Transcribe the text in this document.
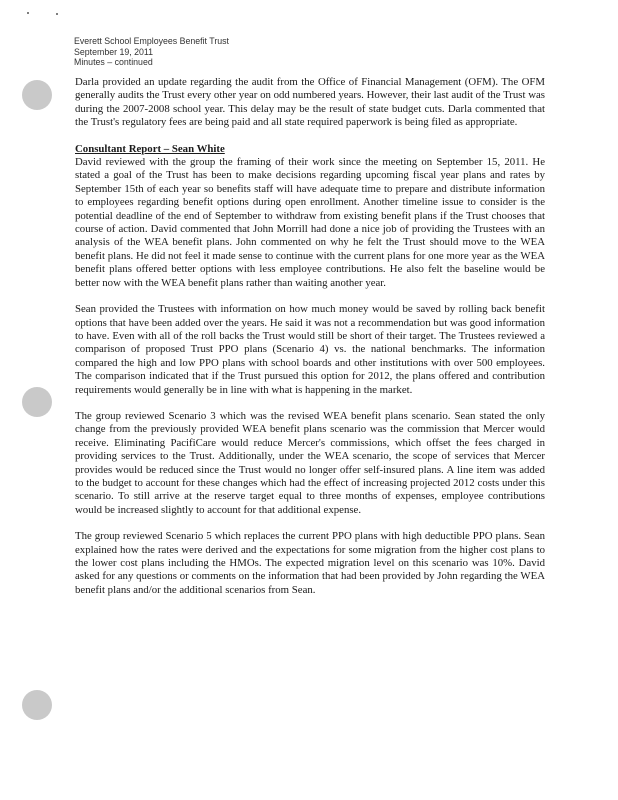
Everett School Employees Benefit Trust
September 19, 2011
Minutes – continued

Darla provided an update regarding the audit from the Office of Financial Management (OFM). The OFM generally audits the Trust every other year on odd numbered years. However, their last audit of the Trust was during the 2007-2008 school year. This delay may be the result of state budget cuts. Darla commented that the Trust's regulatory fees are being paid and all state required paperwork is being filed as appropriate.

Consultant Report – Sean White

David reviewed with the group the framing of their work since the meeting on September 15, 2011. He stated a goal of the Trust has been to make decisions regarding upcoming fiscal year plans and rates by September 15th of each year so benefits staff will have adequate time to prepare and distribute information to employees regarding benefit options during open enrollment. Another timeline issue to consider is the potential deadline of the end of September to withdraw from existing benefit plans if the Trust chooses that course of action. David commented that John Morrill had done a nice job of providing the Trustees with an analysis of the WEA benefit plans. John commented on why he felt the Trust should move to the WEA benefit plans. He did not feel it made sense to continue with the current plans for one more year as the WEA benefit plans offered better options with less employee contributions. He also felt the baseline would be better now with the WEA benefit plans rather than waiting another year.

Sean provided the Trustees with information on how much money would be saved by rolling back benefit options that have been added over the years. He said it was not a recommendation but was good information to have. Even with all of the roll backs the Trust would still be short of their target. The Trustees reviewed a comparison of proposed Trust PPO plans (Scenario 4) vs. the national benchmarks. The information compared the high and low PPO plans with school boards and other institutions with over 500 employees. The comparison indicated that if the Trust pursued this option for 2012, the plans offered and contribution requirements would generally be in line with what is happening in the market.

The group reviewed Scenario 3 which was the revised WEA benefit plans scenario. Sean stated the only change from the previously provided WEA benefit plans scenario was the commission that Mercer would receive. Eliminating PacifiCare would reduce Mercer's commissions, which offset the fees charged in providing services to the Trust. Additionally, under the WEA scenario, the scope of services that Mercer provides would be reduced since the Trust would no longer offer self-insured plans. A line item was added to the budget to account for these changes which had the effect of increasing projected 2012 costs under this scenario. To still arrive at the reserve target equal to three months of expenses, employee contributions would be increased slightly to account for that additional expense.

The group reviewed Scenario 5 which replaces the current PPO plans with high deductible PPO plans. Sean explained how the rates were derived and the expectations for some migration from the higher cost plans to the lower cost plans including the HMOs. The expected migration level on this scenario was 10%. David asked for any questions or comments on the information that had been provided by John regarding the WEA benefit plans and/or the additional scenarios from Sean.
